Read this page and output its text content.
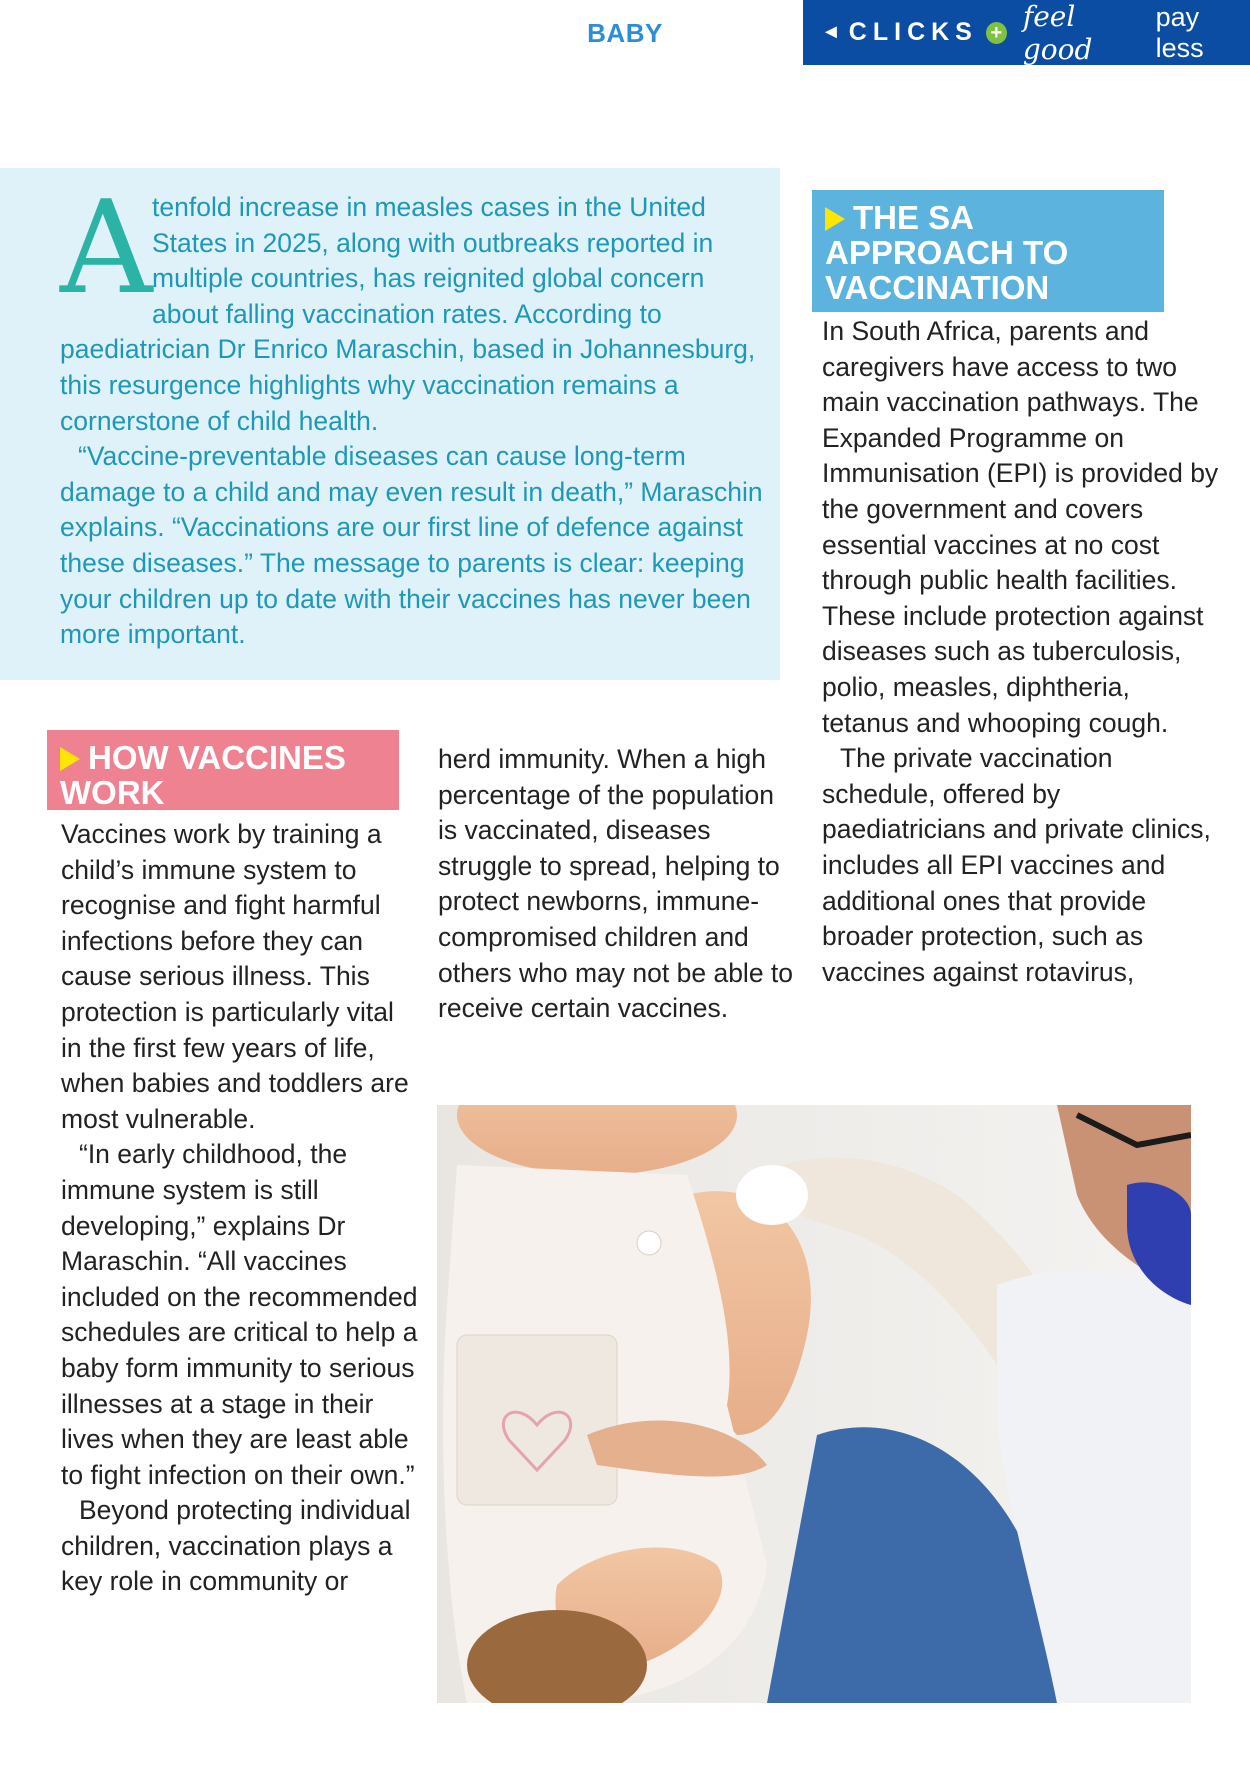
BABY	◄ CLICKS + feel good
pay less
A tenfold increase in measles cases in the United States in 2025, along with outbreaks reported in multiple countries, has reignited global concern about falling vaccination rates. According to paediatrician Dr Enrico Maraschin, based in Johannesburg, this resurgence highlights why vaccination remains a cornerstone of child health.

“Vaccine-preventable diseases can cause long-term damage to a child and may even result in death,” Maraschin explains. “Vaccinations are our first line of defence against these diseases.” The message to parents is clear: keeping your children up to date with their vaccines has never been more important.

HOW VACCINES WORK

Vaccines work by training a child’s immune system to recognise and fight harmful infections before they can cause serious illness. This protection is particularly vital in the first few years of life, when babies and toddlers are most vulnerable.

“In early childhood, the immune system is still developing,” explains Dr Maraschin. “All vaccines included on the recommended schedules are critical to help a baby form immunity to serious illnesses at a stage in their lives when they are least able to fight infection on their own.”

Beyond protecting individual children, vaccination plays a key role in community or

herd immunity. When a high percentage of the population is vaccinated, diseases struggle to spread, helping to protect newborns, immune-compromised children and others who may not be able to receive certain vaccines.

THE SA APPROACH TO VACCINATION

In South Africa, parents and caregivers have access to two main vaccination pathways. The Expanded Programme on Immunisation (EPI) is provided by the government and covers essential vaccines at no cost through public health facilities. These include protection against diseases such as tuberculosis, polio, measles, diphtheria, tetanus and whooping cough.

The private vaccination schedule, offered by paediatricians and private clinics, includes all EPI vaccines and additional ones that provide broader protection, such as vaccines against rotavirus,
